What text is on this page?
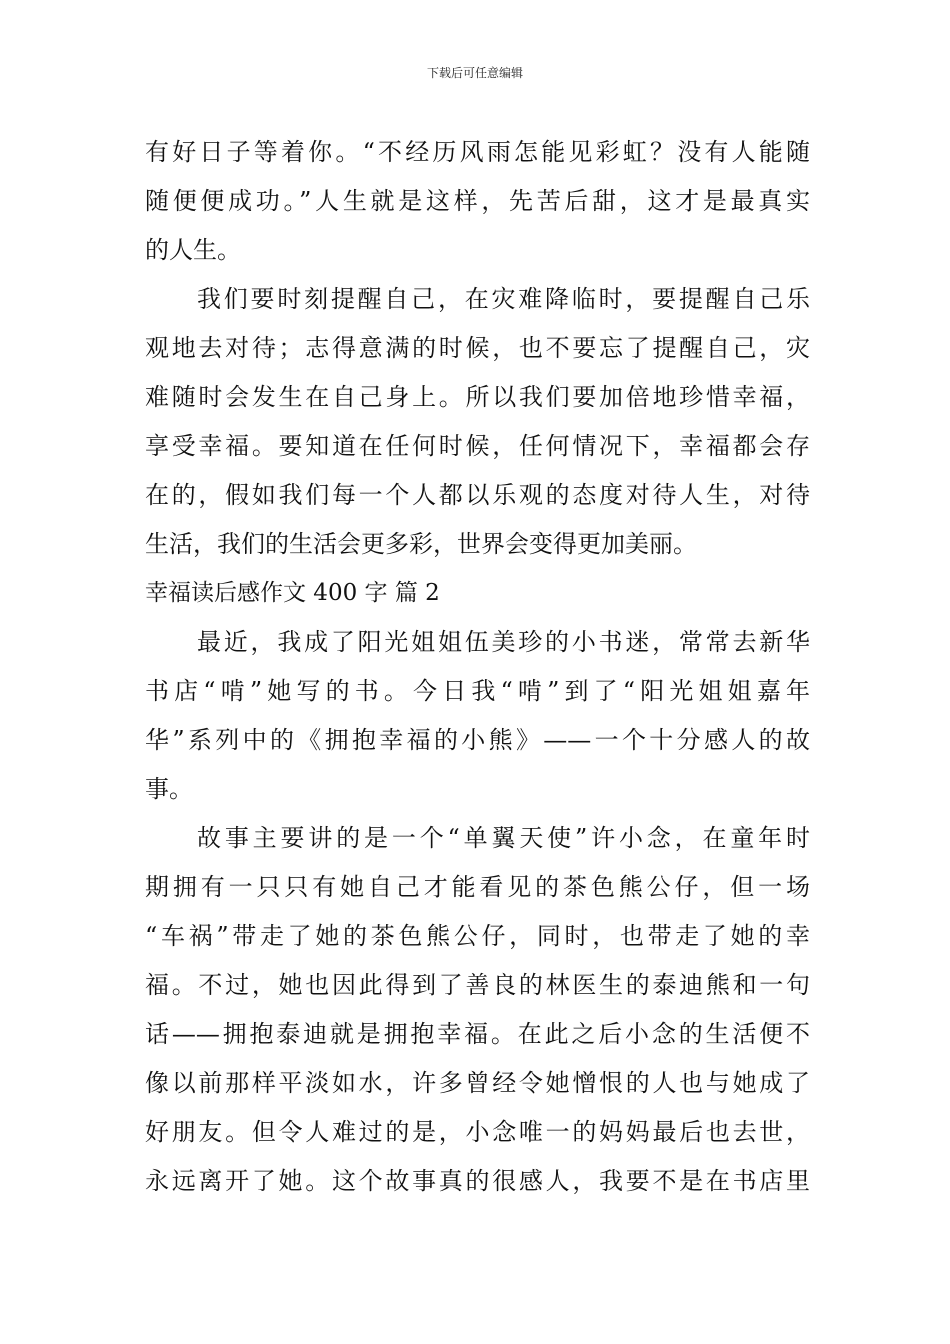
下载后可任意编辑
有好日子等着你。“不经历风雨怎能见彩虹？没有人能随
随便便成功。”人生就是这样，先苦后甜，这才是最真实
的人生。
我们要时刻提醒自己，在灾难降临时，要提醒自己乐
观地去对待；志得意满的时候，也不要忘了提醒自己，灾
难随时会发生在自己身上。所以我们要加倍地珍惜幸福，
享受幸福。要知道在任何时候，任何情况下，幸福都会存
在的，假如我们每一个人都以乐观的态度对待人生，对待
生活，我们的生活会更多彩，世界会变得更加美丽。
幸福读后感作文 400 字 篇 2
最近，我成了阳光姐姐伍美珍的小书迷，常常去新华
书店“啃”她写的书。今日我“啃”到了“阳光姐姐嘉年
华”系列中的《拥抱幸福的小熊》——一个十分感人的故
事。
故事主要讲的是一个“单翼天使”许小念，在童年时
期拥有一只只有她自己才能看见的茶色熊公仔，但一场
“车祸”带走了她的茶色熊公仔，同时，也带走了她的幸
福。不过，她也因此得到了善良的林医生的泰迪熊和一句
话——拥抱泰迪就是拥抱幸福。在此之后小念的生活便不
像以前那样平淡如水，许多曾经令她憎恨的人也与她成了
好朋友。但令人难过的是，小念唯一的妈妈最后也去世，
永远离开了她。这个故事真的很感人，我要不是在书店里
